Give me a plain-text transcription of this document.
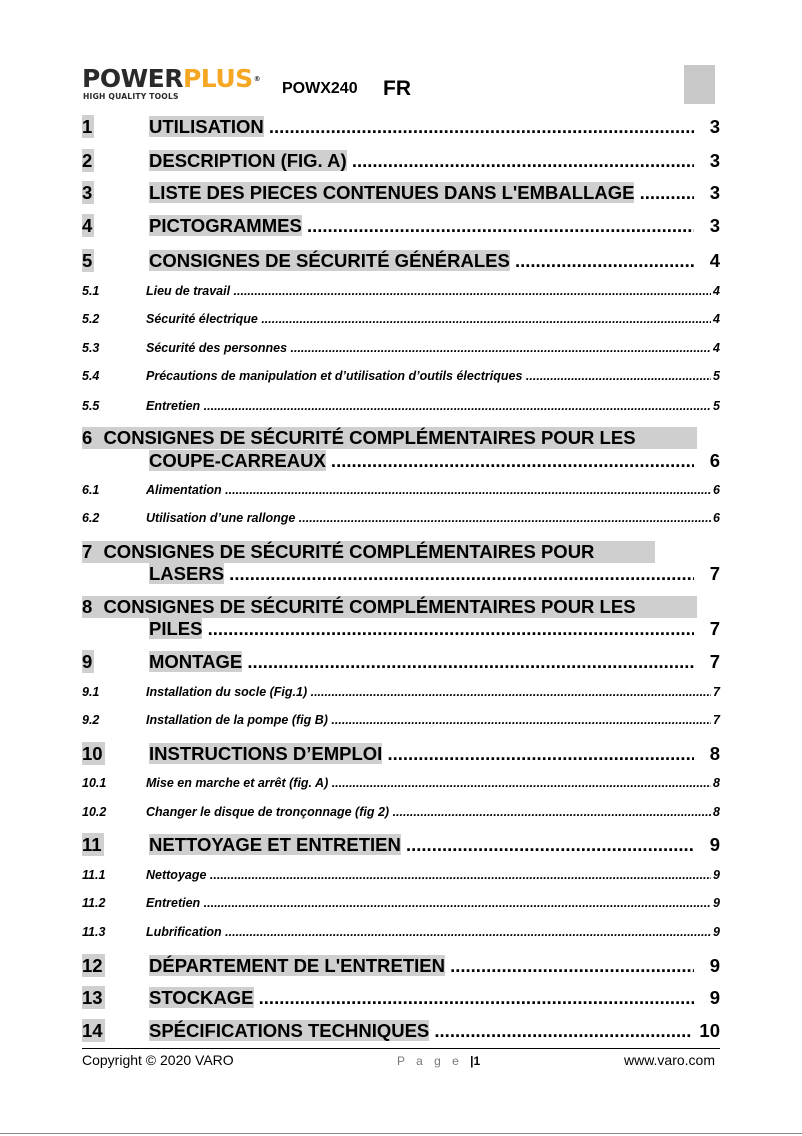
POWERPLUS®
HIGH QUALITY TOOLS	POWX240 FR
1	UTILISATION .....	3
2	DESCRIPTION (FIG. A) .....	3
3	LISTE DES PIECES CONTENUES DANS L'EMBALLAGE .....	3
4	PICTOGRAMMES .....	3
5	CONSIGNES DE SÉCURITÉ GÉNÉRALES .....	4
5.1	Lieu de travail .....	4
5.2	Sécurité électrique .....	4
5.3	Sécurité des personnes .....	4
5.4	Précautions de manipulation et d’utilisation d’outils électriques .....	5
5.5	Entretien .....	5
6 CONSIGNES DE SÉCURITÉ COMPLÉMENTAIRES POUR LES
COUPE-CARREAUX .....	6
6.1	Alimentation .....	6
6.2	Utilisation d’une rallonge .....	6
7 CONSIGNES DE SÉCURITÉ COMPLÉMENTAIRES POUR
LASERS .....	7
8 CONSIGNES DE SÉCURITÉ COMPLÉMENTAIRES POUR LES
PILES .....	7
9	MONTAGE .....	7
9.1	Installation du socle (Fig.1) .....	7
9.2	Installation de la pompe (fig B) .....	7
10	INSTRUCTIONS D’EMPLOI .....	8
10.1	Mise en marche et arrêt (fig. A) .....	8
10.2	Changer le disque de tronçonnage (fig 2) .....	8
11	NETTOYAGE ET ENTRETIEN .....	9
11.1	Nettoyage .....	9
11.2	Entretien .....	9
11.3	Lubrification .....	9
12	DÉPARTEMENT DE L'ENTRETIEN .....	9
13	STOCKAGE .....	9
14	SPÉCIFICATIONS TECHNIQUES .....	10
Copyright © 2020 VARO	P a g e |1	www.varo.com
